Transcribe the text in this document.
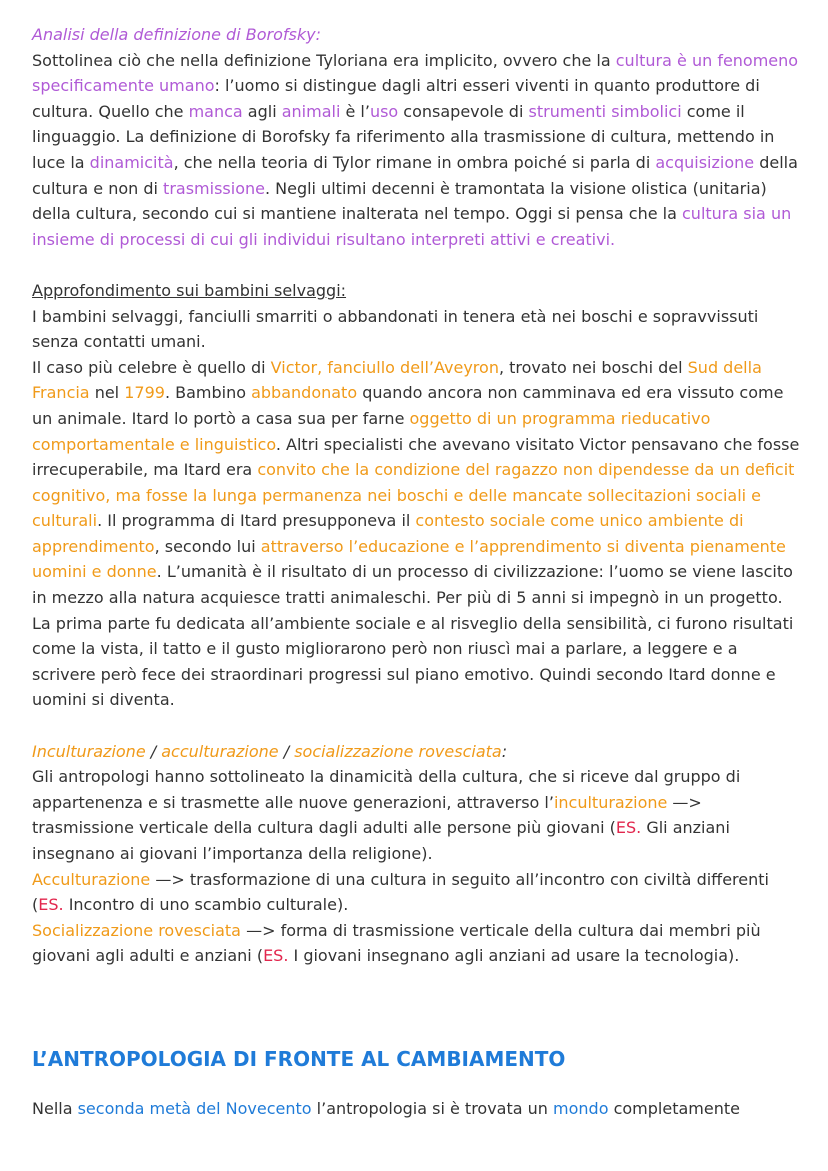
Analisi della definizione di Borofsky:
Sottolinea ciò che nella definizione Tyloriana era implicito, ovvero che la cultura è un fenomeno specificamente umano: l’uomo si distingue dagli altri esseri viventi in quanto produttore di cultura. Quello che manca agli animali è l’uso consapevole di strumenti simbolici come il linguaggio. La definizione di Borofsky fa riferimento alla trasmissione di cultura, mettendo in luce la dinamicità, che nella teoria di Tylor rimane in ombra poiché si parla di acquisizione della cultura e non di trasmissione. Negli ultimi decenni è tramontata la visione olistica (unitaria) della cultura, secondo cui si mantiene inalterata nel tempo. Oggi si pensa che la cultura sia un insieme di processi di cui gli individui risultano interpreti attivi e creativi.

Approfondimento sui bambini selvaggi:
I bambini selvaggi, fanciulli smarriti o abbandonati in tenera età nei boschi e sopravvissuti senza contatti umani.
Il caso più celebre è quello di Victor, fanciullo dell’Aveyron, trovato nei boschi del Sud della Francia nel 1799. Bambino abbandonato quando ancora non camminava ed era vissuto come un animale. Itard lo portò a casa sua per farne oggetto di un programma rieducativo comportamentale e linguistico. Altri specialisti che avevano visitato Victor pensavano che fosse irrecuperabile, ma Itard era convito che la condizione del ragazzo non dipendesse da un deficit cognitivo, ma fosse la lunga permanenza nei boschi e delle mancate sollecitazioni sociali e culturali. Il programma di Itard presupponeva il contesto sociale come unico ambiente di apprendimento, secondo lui attraverso l’educazione e l’apprendimento si diventa pienamente uomini e donne. L’umanità è il risultato di un processo di civilizzazione: l’uomo se viene lascito in mezzo alla natura acquiesce tratti animaleschi. Per più di 5 anni si impegnò in un progetto. La prima parte fu dedicata all’ambiente sociale e al risveglio della sensibilità, ci furono risultati come la vista, il tatto e il gusto migliorarono però non riuscì mai a parlare, a leggere e a scrivere però fece dei straordinari progressi sul piano emotivo. Quindi secondo Itard donne e uomini si diventa.

Inculturazione / acculturazione / socializzazione rovesciata:
Gli antropologi hanno sottolineato la dinamicità della cultura, che si riceve dal gruppo di appartenenza e si trasmette alle nuove generazioni, attraverso l’inculturazione —> trasmissione verticale della cultura dagli adulti alle persone più giovani (ES. Gli anziani insegnano ai giovani l’importanza della religione).
Acculturazione —> trasformazione di una cultura in seguito all’incontro con civiltà differenti (ES. Incontro di uno scambio culturale).
Socializzazione rovesciata —> forma di trasmissione verticale della cultura dai membri più giovani agli adulti e anziani (ES. I giovani insegnano agli anziani ad usare la tecnologia).

L’ANTROPOLOGIA DI FRONTE AL CAMBIAMENTO

Nella seconda metà del Novecento l’antropologia si è trovata un mondo completamente
